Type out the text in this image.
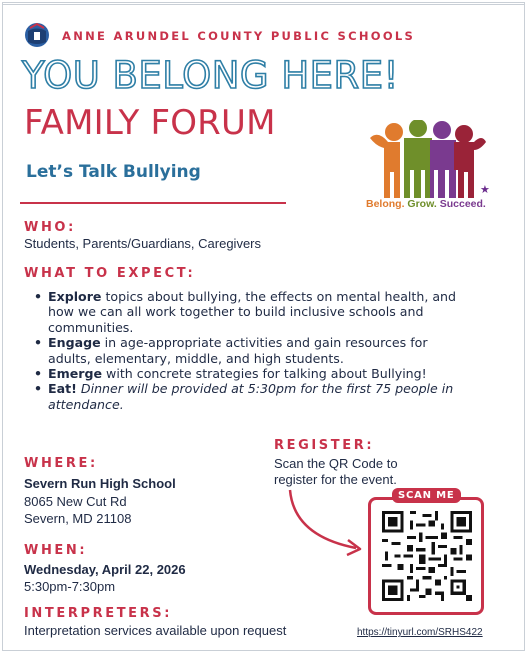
ANNE ARUNDEL COUNTY PUBLIC SCHOOLS
YOU BELONG HERE!
FAMILY FORUM
Let’s Talk Bullying
Belong. Grow. Succeed.
★
WHO:
Students, Parents/Guardians, Caregivers
WHAT TO EXPECT:
• Explore topics about bullying, the effects on mental health, and how we can all work together to build inclusive schools and communities.
• Engage in age-appropriate activities and gain resources for adults, elementary, middle, and high students.
• Emerge with concrete strategies for talking about Bullying!
• Eat! Dinner will be provided at 5:30pm for the first 75 people in attendance.
REGISTER:
Scan the QR Code to register for the event.
SCAN ME
https://tinyurl.com/SRHS422
WHERE:
Severn Run High School
8065 New Cut Rd
Severn, MD 21108
WHEN:
Wednesday, April 22, 2026
5:30pm-7:30pm
INTERPRETERS:
Interpretation services available upon request
